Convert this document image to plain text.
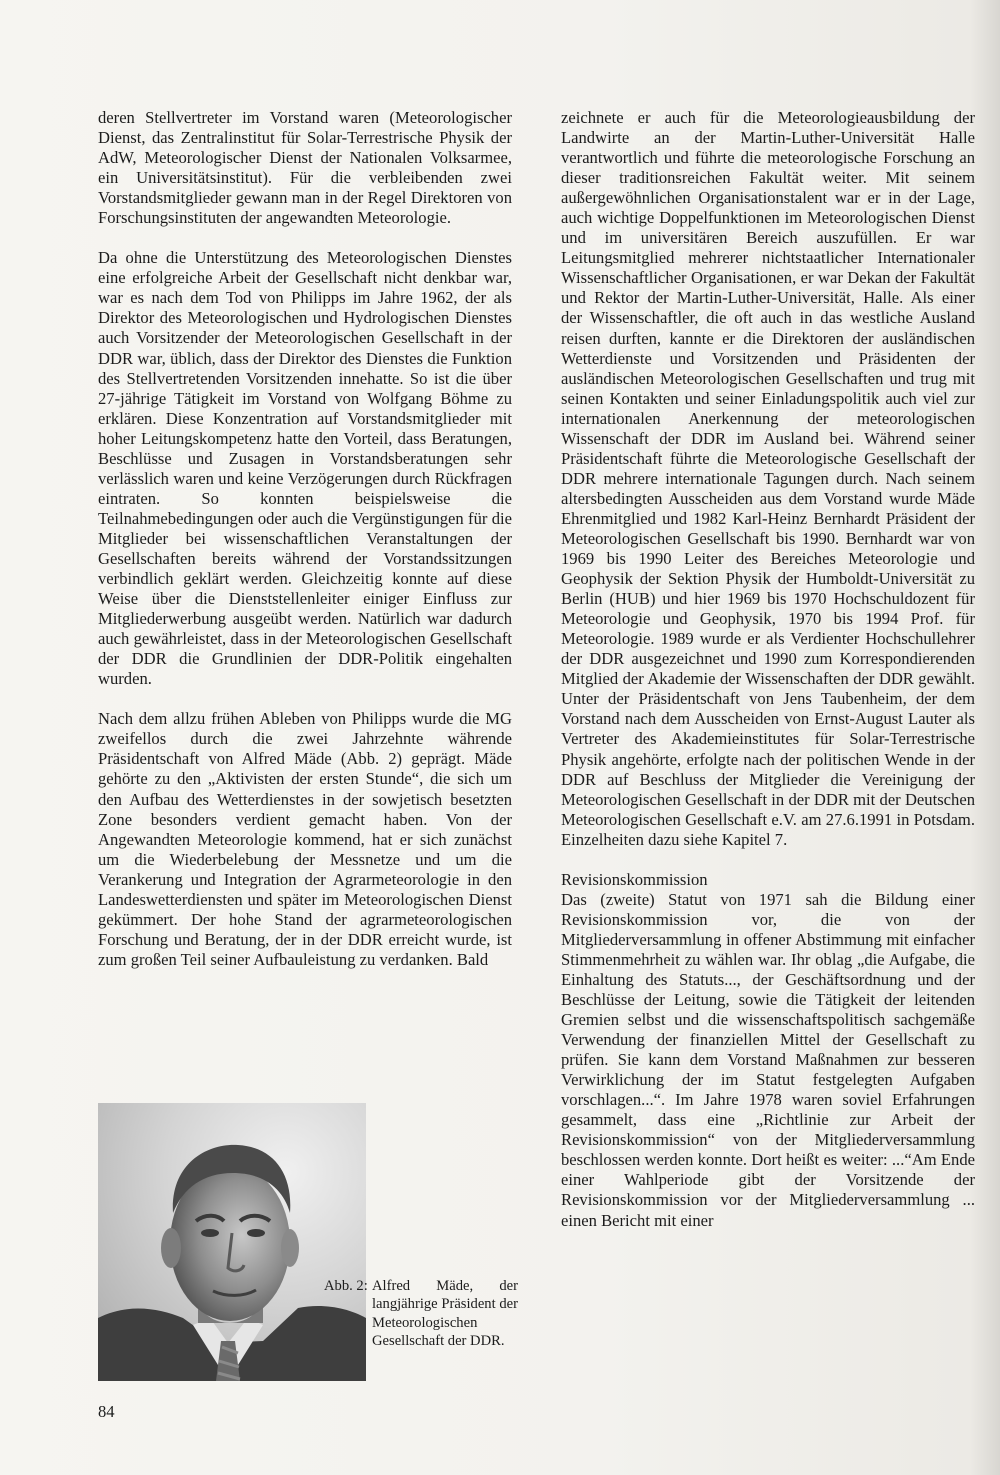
deren Stellvertreter im Vorstand waren (Meteorologischer Dienst, das Zentralinstitut für Solar-Terrestrische Physik der AdW, Meteorologischer Dienst der Nationalen Volksarmee, ein Universitätsinstitut). Für die verbleibenden zwei Vorstandsmitglieder gewann man in der Regel Direktoren von Forschungsinstituten der angewandten Meteorologie.

Da ohne die Unterstützung des Meteorologischen Dienstes eine erfolgreiche Arbeit der Gesellschaft nicht denkbar war, war es nach dem Tod von Philipps im Jahre 1962, der als Direktor des Meteorologischen und Hydrologischen Dienstes auch Vorsitzender der Meteorologischen Gesellschaft in der DDR war, üblich, dass der Direktor des Dienstes die Funktion des Stellvertretenden Vorsitzenden innehatte. So ist die über 27-jährige Tätigkeit im Vorstand von Wolfgang Böhme zu erklären. Diese Konzentration auf Vorstandsmitglieder mit hoher Leitungskompetenz hatte den Vorteil, dass Beratungen, Beschlüsse und Zusagen in Vorstandsberatungen sehr verlässlich waren und keine Verzögerungen durch Rückfragen eintraten. So konnten beispielsweise die Teilnahmebedingungen oder auch die Vergünstigungen für die Mitglieder bei wissenschaftlichen Veranstaltungen der Gesellschaften bereits während der Vorstandssitzungen verbindlich geklärt werden. Gleichzeitig konnte auf diese Weise über die Dienststellenleiter einiger Einfluss zur Mitgliederwerbung ausgeübt werden. Natürlich war dadurch auch gewährleistet, dass in der Meteorologischen Gesellschaft der DDR die Grundlinien der DDR-Politik eingehalten wurden.

Nach dem allzu frühen Ableben von Philipps wurde die MG zweifellos durch die zwei Jahrzehnte währende Präsidentschaft von Alfred Mäde (Abb. 2) geprägt. Mäde gehörte zu den „Aktivisten der ersten Stunde“, die sich um den Aufbau des Wetterdienstes in der sowjetisch besetzten Zone besonders verdient gemacht haben. Von der Angewandten Meteorologie kommend, hat er sich zunächst um die Wiederbelebung der Messnetze und um die Verankerung und Integration der Agrarmeteorologie in den Landeswetterdiensten und später im Meteorologischen Dienst gekümmert. Der hohe Stand der agrarmeteorologischen Forschung und Beratung, der in der DDR erreicht wurde, ist zum großen Teil seiner Aufbauleistung zu verdanken. Bald

Abb. 2: Alfred Mäde, der langjährige Präsident der Meteorologischen Gesellschaft der DDR.

zeichnete er auch für die Meteorologieausbildung der Landwirte an der Martin-Luther-Universität Halle verantwortlich und führte die meteorologische Forschung an dieser traditionsreichen Fakultät weiter. Mit seinem außergewöhnlichen Organisationstalent war er in der Lage, auch wichtige Doppelfunktionen im Meteorologischen Dienst und im universitären Bereich auszufüllen. Er war Leitungsmitglied mehrerer nichtstaatlicher Internationaler Wissenschaftlicher Organisationen, er war Dekan der Fakultät und Rektor der Martin-Luther-Universität, Halle. Als einer der Wissenschaftler, die oft auch in das westliche Ausland reisen durften, kannte er die Direktoren der ausländischen Wetterdienste und Vorsitzenden und Präsidenten der ausländischen Meteorologischen Gesellschaften und trug mit seinen Kontakten und seiner Einladungspolitik auch viel zur internationalen Anerkennung der meteorologischen Wissenschaft der DDR im Ausland bei. Während seiner Präsidentschaft führte die Meteorologische Gesellschaft der DDR mehrere internationale Tagungen durch. Nach seinem altersbedingten Ausscheiden aus dem Vorstand wurde Mäde Ehrenmitglied und 1982 Karl-Heinz Bernhardt Präsident der Meteorologischen Gesellschaft bis 1990. Bernhardt war von 1969 bis 1990 Leiter des Bereiches Meteorologie und Geophysik der Sektion Physik der Humboldt-Universität zu Berlin (HUB) und hier 1969 bis 1970 Hochschuldozent für Meteorologie und Geophysik, 1970 bis 1994 Prof. für Meteorologie. 1989 wurde er als Verdienter Hochschullehrer der DDR ausgezeichnet und 1990 zum Korrespondierenden Mitglied der Akademie der Wissenschaften der DDR gewählt. Unter der Präsidentschaft von Jens Taubenheim, der dem Vorstand nach dem Ausscheiden von Ernst-August Lauter als Vertreter des Akademieinstitutes für Solar-Terrestrische Physik angehörte, erfolgte nach der politischen Wende in der DDR auf Beschluss der Mitglieder die Vereinigung der Meteorologischen Gesellschaft in der DDR mit der Deutschen Meteorologischen Gesellschaft e.V. am 27.6.1991 in Potsdam. Einzelheiten dazu siehe Kapitel 7.

Revisionskommission

Das (zweite) Statut von 1971 sah die Bildung einer Revisionskommission vor, die von der Mitgliederversammlung in offener Abstimmung mit einfacher Stimmenmehrheit zu wählen war. Ihr oblag „die Aufgabe, die Einhaltung des Statuts..., der Geschäftsordnung und der Beschlüsse der Leitung, sowie die Tätigkeit der leitenden Gremien selbst und die wissenschaftspolitisch sachgemäße Verwendung der finanziellen Mittel der Gesellschaft zu prüfen. Sie kann dem Vorstand Maßnahmen zur besseren Verwirklichung der im Statut festgelegten Aufgaben vorschlagen...“. Im Jahre 1978 waren soviel Erfahrungen gesammelt, dass eine „Richtlinie zur Arbeit der Revisionskommission“ von der Mitgliederversammlung beschlossen werden konnte. Dort heißt es weiter: ...“Am Ende einer Wahlperiode gibt der Vorsitzende der Revisionskommission vor der Mitgliederversammlung ... einen Bericht mit einer

84
